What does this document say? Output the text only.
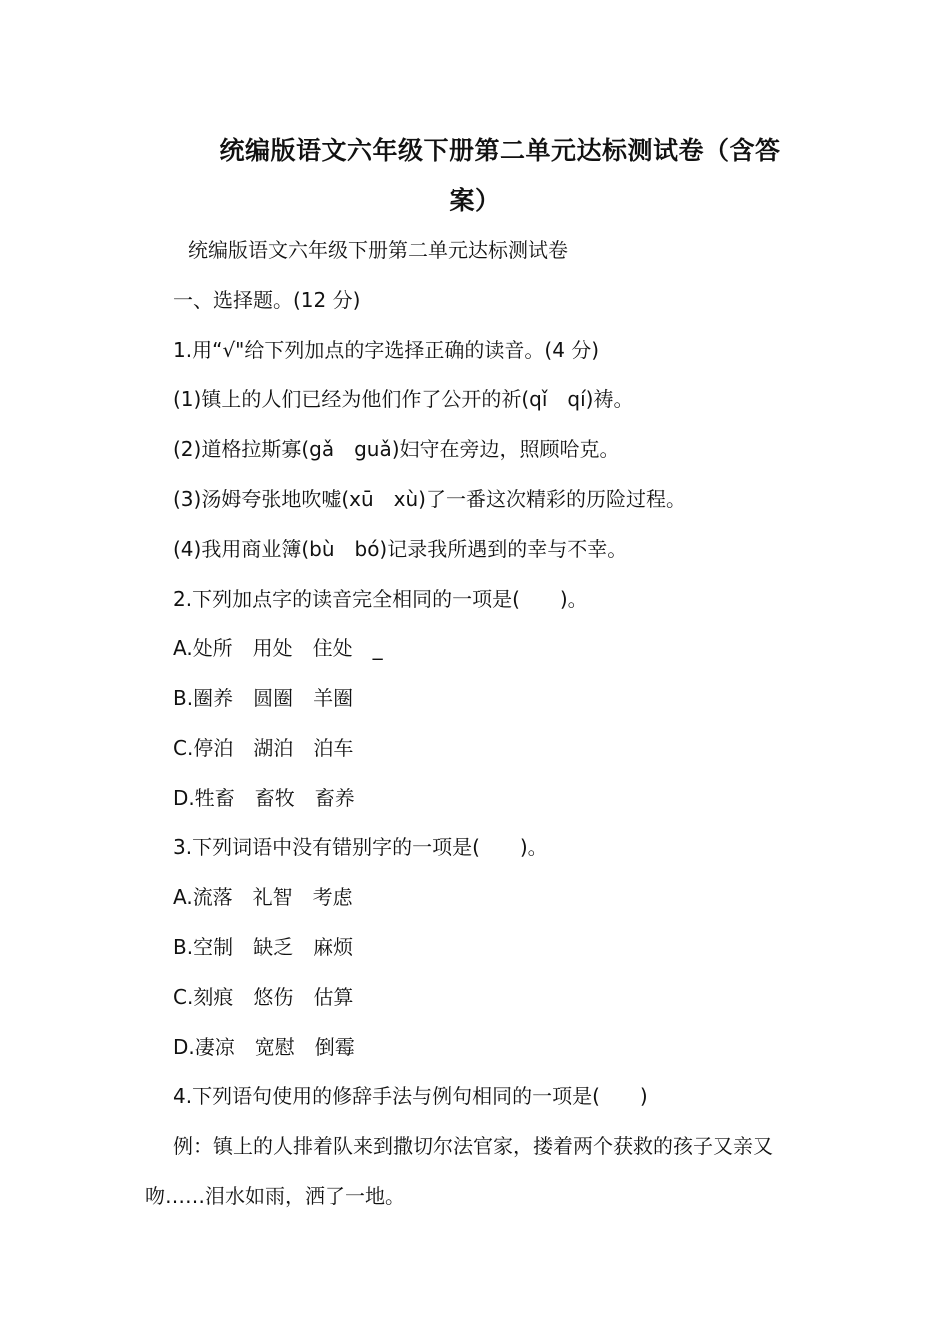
统编版语文六年级下册第二单元达标测试卷（含答
案）
统编版语文六年级下册第二单元达标测试卷
一、选择题。(12 分)
1.用“√"给下列加点的字选择正确的读音。(4 分)
(1)镇上的人们已经为他们作了公开的祈(qǐ　qí)祷。
(2)道格拉斯寡(gǎ　guǎ)妇守在旁边，照顾哈克。
(3)汤姆夸张地吹嘘(xū　xù)了一番这次精彩的历险过程。
(4)我用商业簿(bù　bó)记录我所遇到的幸与不幸。
2.下列加点字的读音完全相同的一项是(　　)。
A.处所　用处　住处　_
B.圈养　圆圈　羊圈
C.停泊　湖泊　泊车
D.牲畜　畜牧　畜养
3.下列词语中没有错别字的一项是(　　)。
A.流落　礼智　考虑
B.空制　缺乏　麻烦
C.刻痕　悠伤　估算
D.凄凉　宽慰　倒霉
4.下列语句使用的修辞手法与例句相同的一项是(　　)
例：镇上的人排着队来到撒切尔法官家，搂着两个获救的孩子又亲又吻……泪水如雨，洒了一地。
